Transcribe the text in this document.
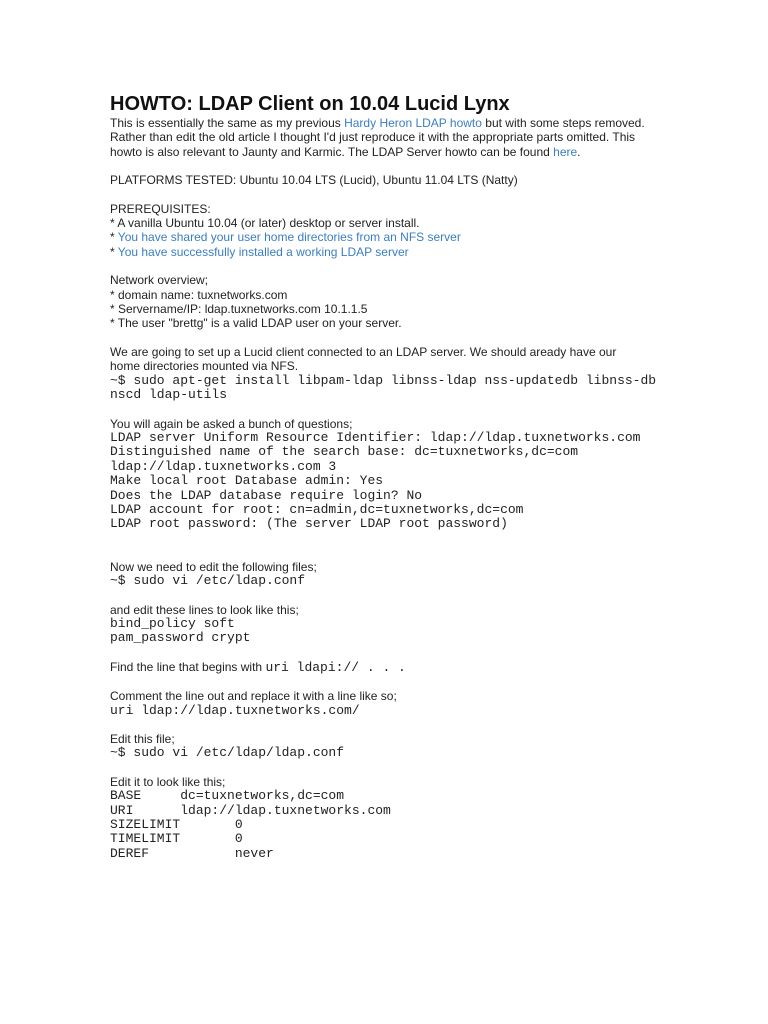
HOWTO: LDAP Client on 10.04 Lucid Lynx

This is essentially the same as my previous Hardy Heron LDAP howto but with some steps removed.

Rather than edit the old article I thought I'd just reproduce it with the appropriate parts omitted. This

howto is also relevant to Jaunty and Karmic. The LDAP Server howto can be found here.

PLATFORMS TESTED: Ubuntu 10.04 LTS (Lucid), Ubuntu 11.04 LTS (Natty)

PREREQUISITES:

* A vanilla Ubuntu 10.04 (or later) desktop or server install.

* You have shared your user home directories from an NFS server

* You have successfully installed a working LDAP server

Network overview;

* domain name: tuxnetworks.com

* Servername/IP: ldap.tuxnetworks.com 10.1.1.5

* The user "brettg" is a valid LDAP user on your server.

We are going to set up a Lucid client connected to an LDAP server. We should aready have our

home directories mounted via NFS.

~$ sudo apt-get install libpam-ldap libnss-ldap nss-updatedb libnss-db
nscd ldap-utils

You will again be asked a bunch of questions;

LDAP server Uniform Resource Identifier: ldap://ldap.tuxnetworks.com
Distinguished name of the search base: dc=tuxnetworks,dc=com
ldap://ldap.tuxnetworks.com 3
Make local root Database admin: Yes
Does the LDAP database require login? No
LDAP account for root: cn=admin,dc=tuxnetworks,dc=com
LDAP root password: (The server LDAP root password)

Now we need to edit the following files;

~$ sudo vi /etc/ldap.conf

and edit these lines to look like this;

bind_policy soft
pam_password crypt

Find the line that begins with uri ldapi:// . . .

Comment the line out and replace it with a line like so;

uri ldap://ldap.tuxnetworks.com/

Edit this file;

~$ sudo vi /etc/ldap/ldap.conf

Edit it to look like this;

BASE     dc=tuxnetworks,dc=com
URI      ldap://ldap.tuxnetworks.com
SIZELIMIT       0
TIMELIMIT       0
DEREF           never
